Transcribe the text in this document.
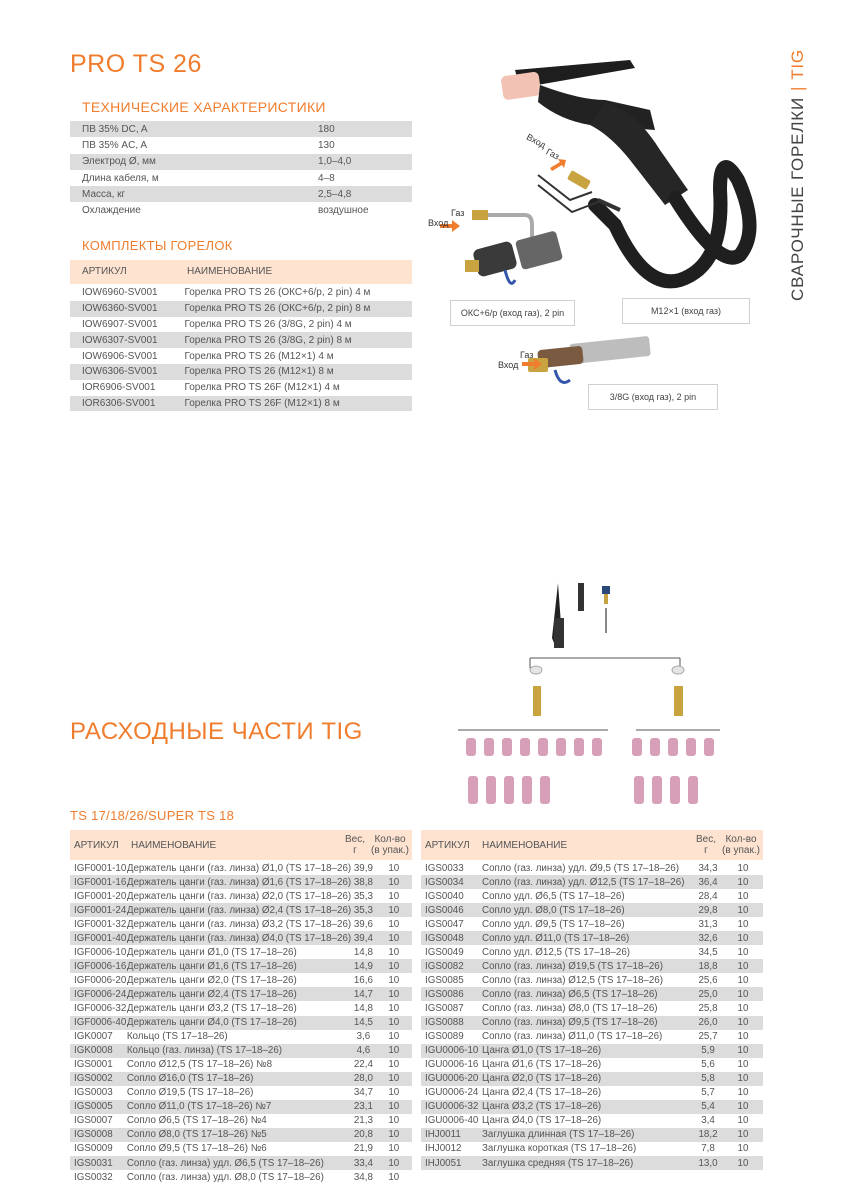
PRO TS 26
ТЕХНИЧЕСКИЕ ХАРАКТЕРИСТИКИ
ПВ 35% DC, A	180
ПВ 35% AC, A	130
Электрод Ø, мм	1,0–4,0
Длина кабеля, м	4–8
Масса, кг	2,5–4,8
Охлаждение	воздушное
КОМПЛЕКТЫ ГОРЕЛОК
АРТИКУЛ	НАИМЕНОВАНИЕ
IOW6960-SV001	Горелка PRO TS 26 (ОКС+6/р, 2 pin) 4 м
IOW6360-SV001	Горелка PRO TS 26 (ОКС+6/р, 2 pin) 8 м
IOW6907-SV001	Горелка PRO TS 26 (3/8G, 2 pin) 4 м
IOW6307-SV001	Горелка PRO TS 26 (3/8G, 2 pin) 8 м
IOW6906-SV001	Горелка PRO TS 26 (M12×1) 4 м
IOW6306-SV001	Горелка PRO TS 26 (M12×1) 8 м
IOR6906-SV001	Горелка PRO TS 26F (M12×1) 4 м
IOR6306-SV001	Горелка PRO TS 26F (M12×1) 8 м
Газ
Вход
Вход
Газ
Газ
Вход
ОКС+6/р (вход газ), 2 pin	M12×1 (вход газ)
3/8G (вход газ), 2 pin
СВАРОЧНЫЕ ГОРЕЛКИ|TIG
РАСХОДНЫЕ ЧАСТИ TIG
TS 17/18/26/SUPER TS 18
АРТИКУЛ НАИМЕНОВАНИЕ
Вес, г
Кол-во (в упак.)
IGF0001-10	Держатель цанги (газ. линза) Ø1,0 (TS 17–18–26)	39,9	10
IGF0001-16	Держатель цанги (газ. линза) Ø1,6 (TS 17–18–26)	38,8	10
IGF0001-20	Держатель цанги (газ. линза) Ø2,0 (TS 17–18–26)	35,3	10
IGF0001-24	Держатель цанги (газ. линза) Ø2,4 (TS 17–18–26)	35,3	10
IGF0001-32	Держатель цанги (газ. линза) Ø3,2 (TS 17–18–26)	39,6	10
IGF0001-40	Держатель цанги (газ. линза) Ø4,0 (TS 17–18–26)	39,4	10
IGF0006-10	Держатель цанги Ø1,0 (TS 17–18–26)	14,8	10
IGF0006-16	Держатель цанги Ø1,6 (TS 17–18–26)	14,9	10
IGF0006-20	Держатель цанги Ø2,0 (TS 17–18–26)	16,6	10
IGF0006-24	Держатель цанги Ø2,4 (TS 17–18–26)	14,7	10
IGF0006-32	Держатель цанги Ø3,2 (TS 17–18–26)	14,8	10
IGF0006-40	Держатель цанги Ø4,0 (TS 17–18–26)	14,5	10
IGK0007	Кольцо (TS 17–18–26)	3,6	10
IGK0008	Кольцо (газ. линза) (TS 17–18–26)	4,6	10
IGS0001	Сопло Ø12,5 (TS 17–18–26) №8	22,4	10
IGS0002	Сопло Ø16,0 (TS 17–18–26)	28,0	10
IGS0003	Сопло Ø19,5 (TS 17–18–26)	34,7	10
IGS0005	Сопло Ø11,0 (TS 17–18–26) №7	23,1	10
IGS0007	Сопло Ø6,5 (TS 17–18–26) №4	21,3	10
IGS0008	Сопло Ø8,0 (TS 17–18–26) №5	20,8	10
IGS0009	Сопло Ø9,5 (TS 17–18–26) №6	21,9	10
IGS0031	Сопло (газ. линза) удл. Ø6,5 (TS 17–18–26)	33,4	10
IGS0032	Сопло (газ. линза) удл. Ø8,0 (TS 17–18–26)	34,8	10
АРТИКУЛ НАИМЕНОВАНИЕ
Вес, г
Кол-во (в упак.)
IGS0033	Сопло (газ. линза) удл. Ø9,5 (TS 17–18–26)	34,3	10
IGS0034	Сопло (газ. линза) удл. Ø12,5 (TS 17–18–26)	36,4	10
IGS0040	Сопло удл. Ø6,5 (TS 17–18–26)	28,4	10
IGS0046	Сопло удл. Ø8,0 (TS 17–18–26)	29,8	10
IGS0047	Сопло удл. Ø9,5 (TS 17–18–26)	31,3	10
IGS0048	Сопло удл. Ø11,0 (TS 17–18–26)	32,6	10
IGS0049	Сопло удл. Ø12,5 (TS 17–18–26)	34,5	10
IGS0082	Сопло (газ. линза) Ø19,5 (TS 17–18–26)	18,8	10
IGS0085	Сопло (газ. линза) Ø12,5 (TS 17–18–26)	25,6	10
IGS0086	Сопло (газ. линза) Ø6,5 (TS 17–18–26)	25,0	10
IGS0087	Сопло (газ. линза) Ø8,0 (TS 17–18–26)	25,8	10
IGS0088	Сопло (газ. линза) Ø9,5 (TS 17–18–26)	26,0	10
IGS0089	Сопло (газ. линза) Ø11,0 (TS 17–18–26)	25,7	10
IGU0006-10	Цанга Ø1,0 (TS 17–18–26)	5,9	10
IGU0006-16	Цанга Ø1,6 (TS 17–18–26)	5,6	10
IGU0006-20	Цанга Ø2,0 (TS 17–18–26)	5,8	10
IGU0006-24	Цанга Ø2,4 (TS 17–18–26)	5,7	10
IGU0006-32	Цанга Ø3,2 (TS 17–18–26)	5,4	10
IGU0006-40	Цанга Ø4,0 (TS 17–18–26)	3,4	10
IHJ0011	Заглушка длинная (TS 17–18–26)	18,2	10
IHJ0012	Заглушка короткая (TS 17–18–26)	7,8	10
IHJ0051	Заглушка средняя (TS 17–18–26)	13,0	10
